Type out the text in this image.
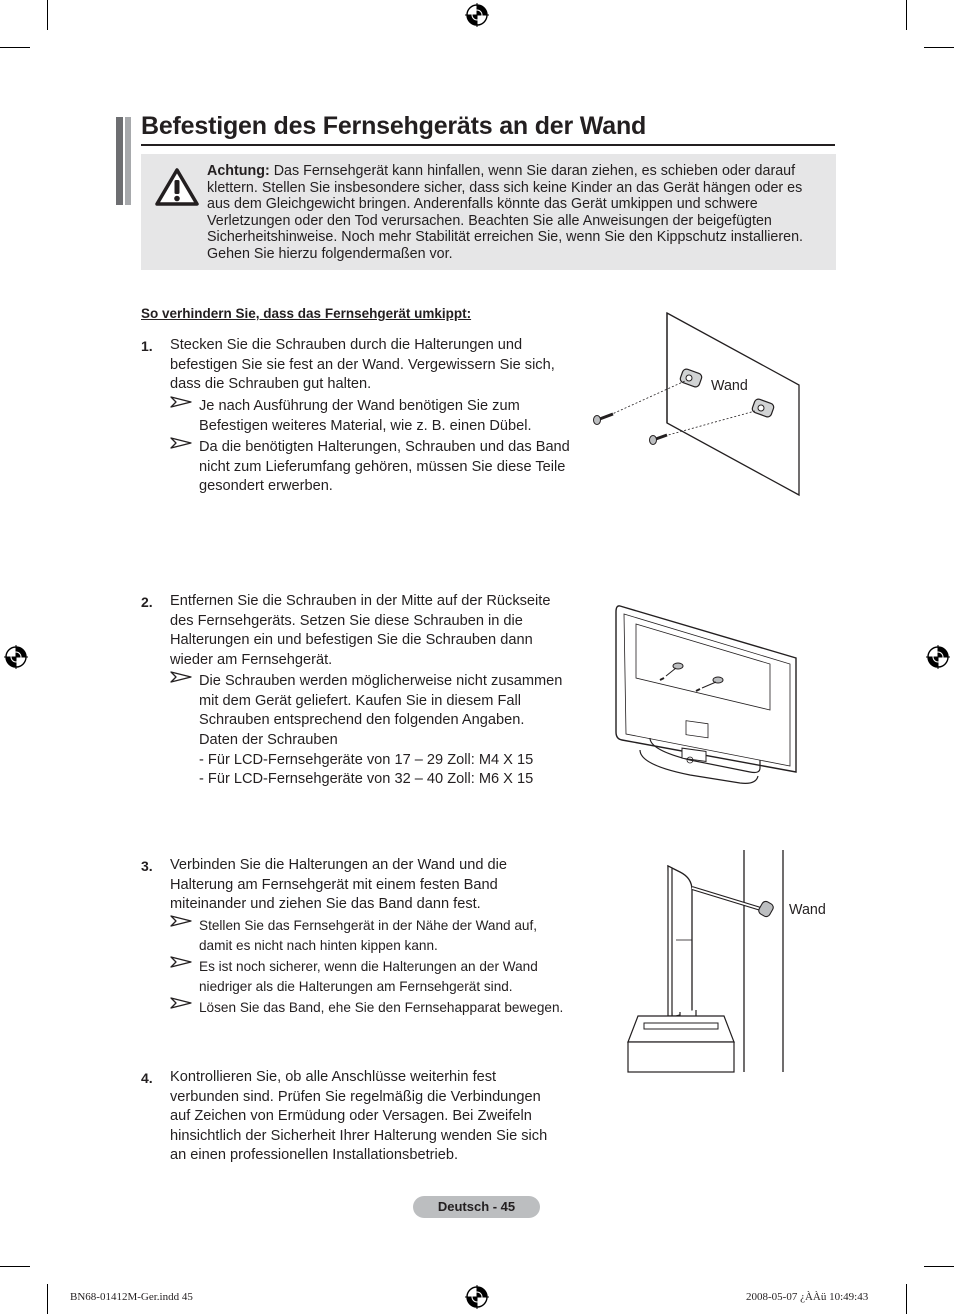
Befestigen des Fernsehgeräts an der Wand
Achtung: Das Fernsehgerät kann hinfallen, wenn Sie daran ziehen, es schieben oder darauf klettern. Stellen Sie insbesondere sicher, dass sich keine Kinder an das Gerät hängen oder es aus dem Gleichgewicht bringen. Anderenfalls könnte das Gerät umkippen und schwere Verletzungen oder den Tod verursachen. Beachten Sie alle Anweisungen der beigefügten Sicherheitshinweise. Noch mehr Stabilität erreichen Sie, wenn Sie den Kippschutz installieren. Gehen Sie hierzu folgendermaßen vor.
So verhindern Sie, dass das Fernsehgerät umkippt:
1. Stecken Sie die Schrauben durch die Halterungen und befestigen Sie sie fest an der Wand. Vergewissern Sie sich, dass die Schrauben gut halten.
Je nach Ausführung der Wand benötigen Sie zum Befestigen weiteres Material, wie z. B. einen Dübel.
Da die benötigten Halterungen, Schrauben und das Band nicht zum Lieferumfang gehören, müssen Sie diese Teile gesondert erwerben.
Wand
2. Entfernen Sie die Schrauben in der Mitte auf der Rückseite des Fernsehgeräts. Setzen Sie diese Schrauben in die Halterungen ein und befestigen Sie die Schrauben dann wieder am Fernsehgerät.
Die Schrauben werden möglicherweise nicht zusammen mit dem Gerät geliefert. Kaufen Sie in diesem Fall Schrauben entsprechend den folgenden Angaben.
Daten der Schrauben
- Für LCD-Fernsehgeräte von 17 – 29 Zoll: M4 X 15
- Für LCD-Fernsehgeräte von 32 – 40 Zoll: M6 X 15
3. Verbinden Sie die Halterungen an der Wand und die Halterung am Fernsehgerät mit einem festen Band miteinander und ziehen Sie das Band dann fest.
Stellen Sie das Fernsehgerät in der Nähe der Wand auf, damit es nicht nach hinten kippen kann.
Es ist noch sicherer, wenn die Halterungen an der Wand niedriger als die Halterungen am Fernsehgerät sind.
Lösen Sie das Band, ehe Sie den Fernsehapparat bewegen.
Wand
4. Kontrollieren Sie, ob alle Anschlüsse weiterhin fest verbunden sind. Prüfen Sie regelmäßig die Verbindungen auf Zeichen von Ermüdung oder Versagen. Bei Zweifeln hinsichtlich der Sicherheit Ihrer Halterung wenden Sie sich an einen professionellen Installationsbetrieb.
Deutsch - 45
BN68-01412M-Ger.indd 45	2008-05-07 ¿ÀÀü 10:49:43
